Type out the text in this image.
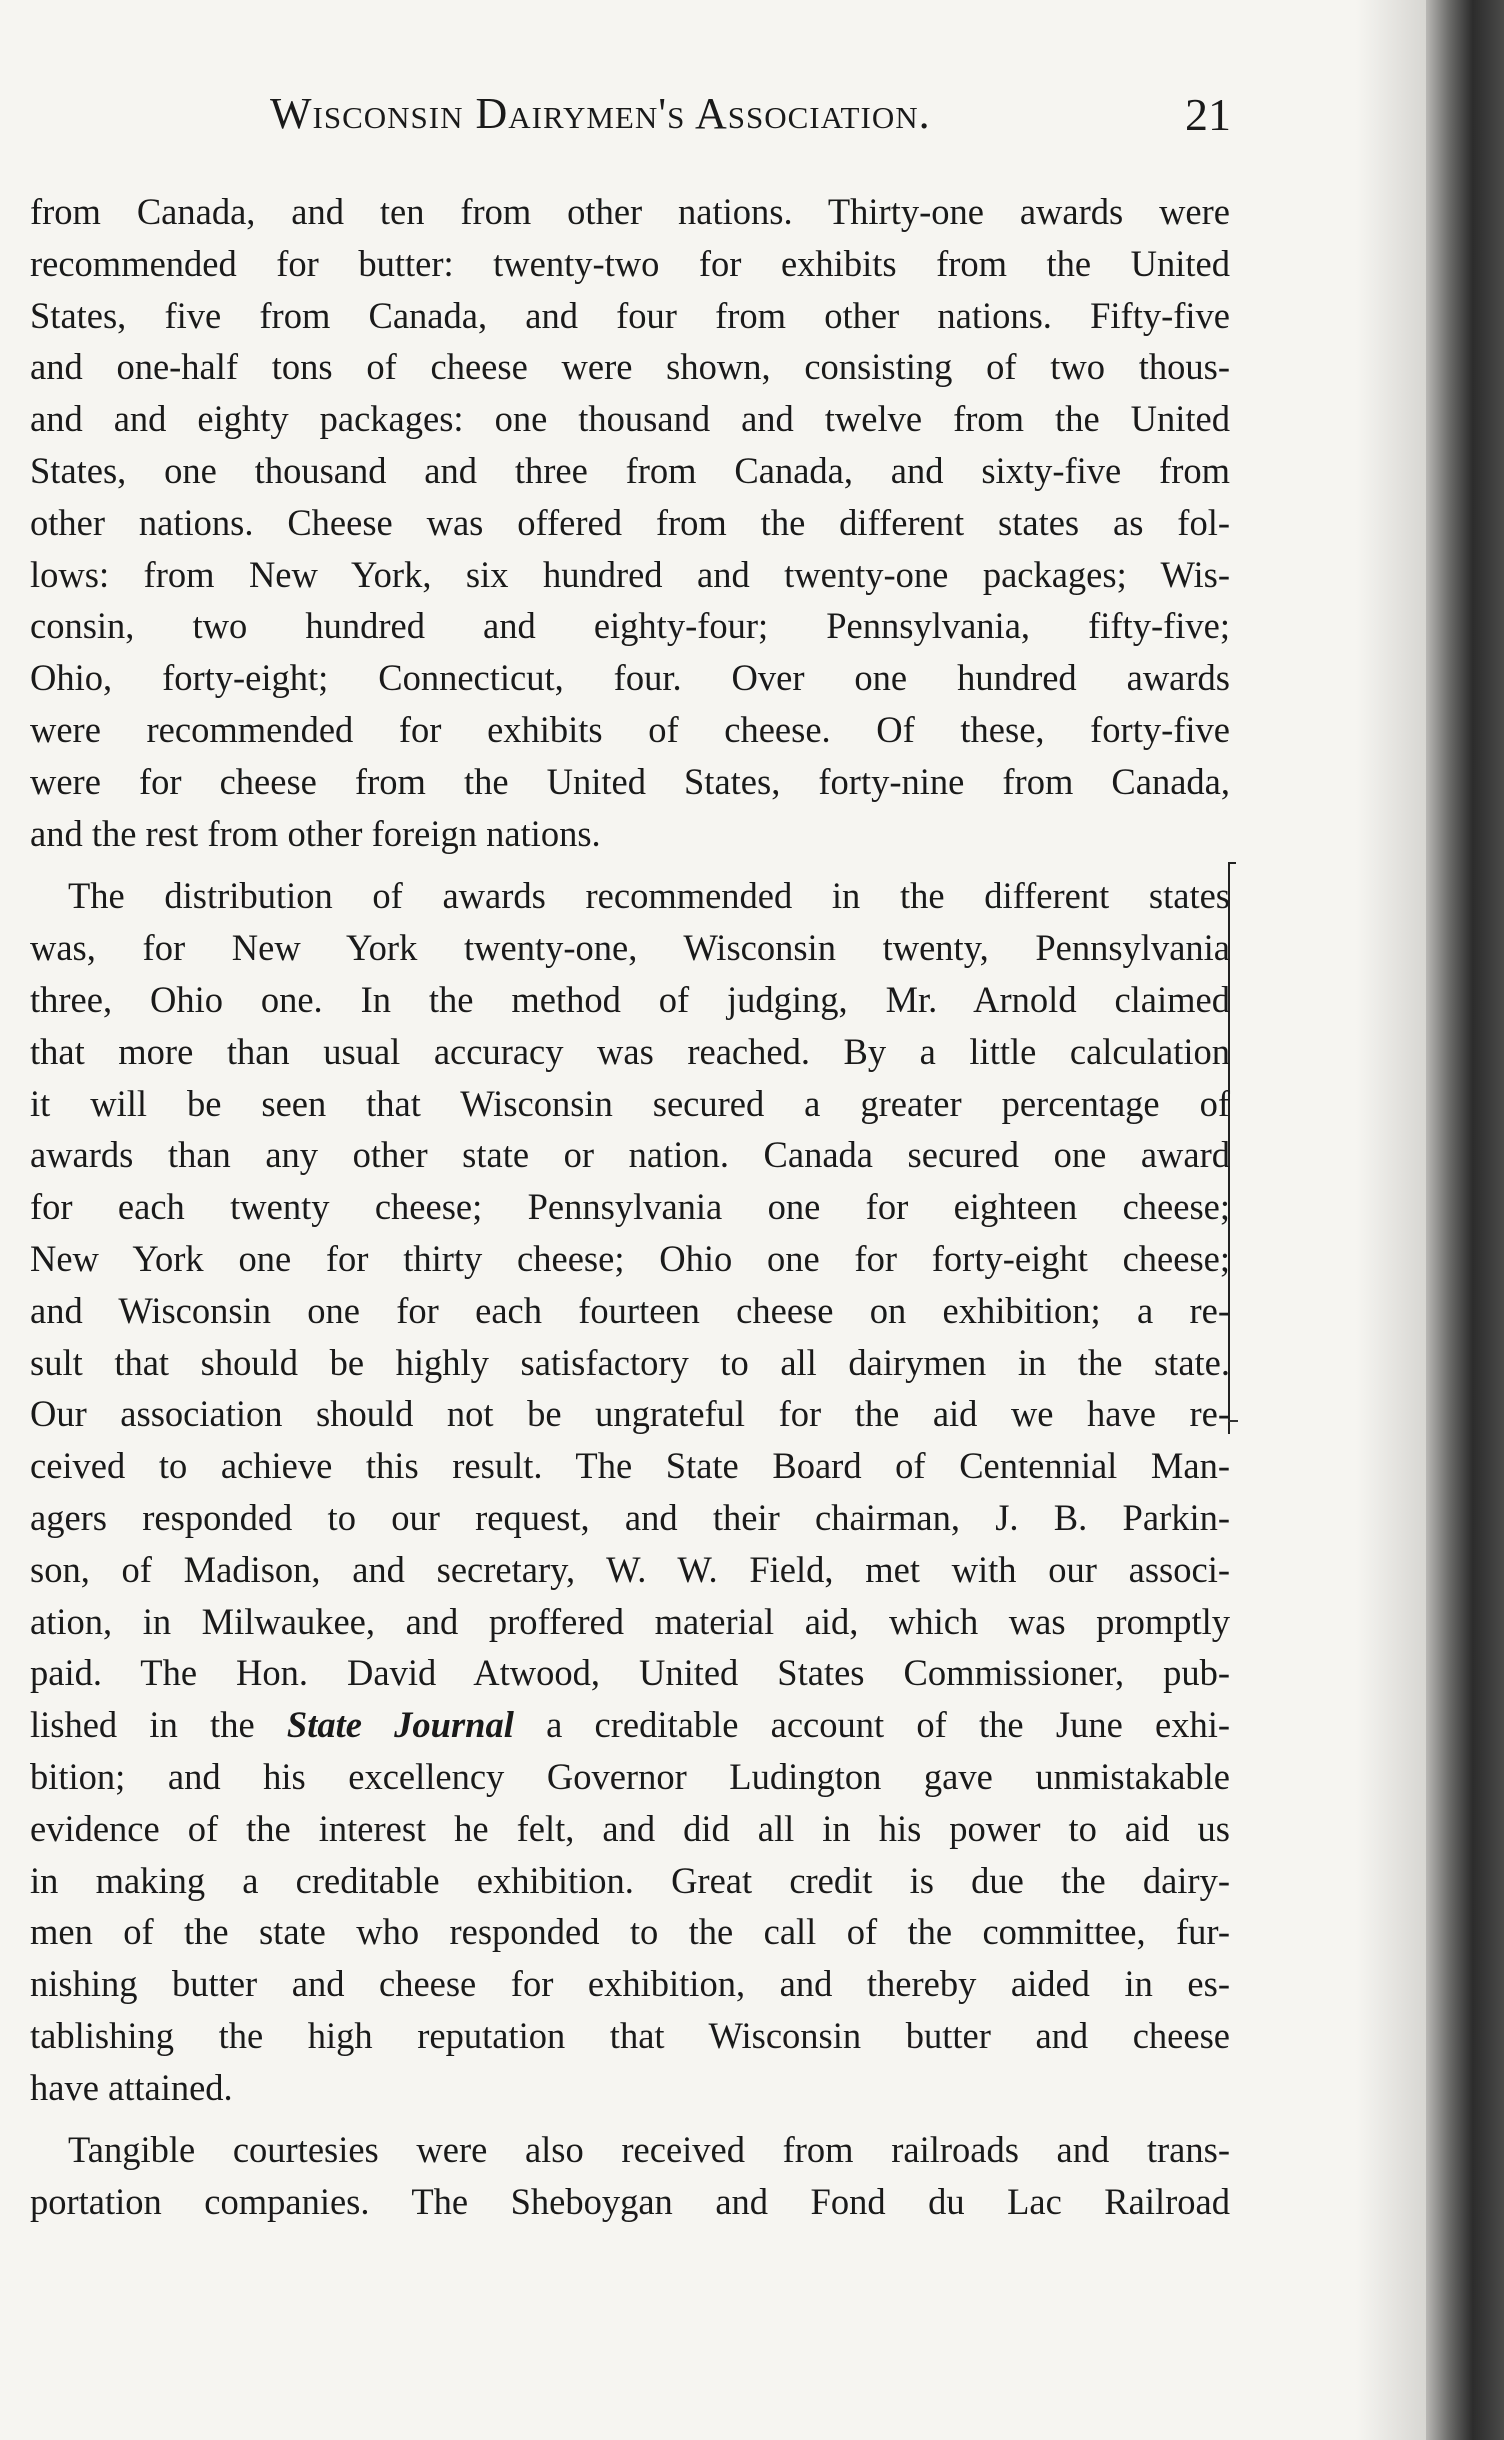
Wisconsin Dairymen's Association.	21
from Canada, and ten from other nations. Thirty-one awards were
recommended for butter: twenty-two for exhibits from the United
States, five from Canada, and four from other nations. Fifty-five
and one-half tons of cheese were shown, consisting of two thous-
and and eighty packages: one thousand and twelve from the United
States, one thousand and three from Canada, and sixty-five from
other nations. Cheese was offered from the different states as fol-
lows: from New York, six hundred and twenty-one packages; Wis-
consin, two hundred and eighty-four; Pennsylvania, fifty-five;
Ohio, forty-eight; Connecticut, four. Over one hundred awards
were recommended for exhibits of cheese. Of these, forty-five
were for cheese from the United States, forty-nine from Canada,
and the rest from other foreign nations.
The distribution of awards recommended in the different states
was, for New York twenty-one, Wisconsin twenty, Pennsylvania
three, Ohio one. In the method of judging, Mr. Arnold claimed
that more than usual accuracy was reached. By a little calculation
it will be seen that Wisconsin secured a greater percentage of
awards than any other state or nation. Canada secured one award
for each twenty cheese; Pennsylvania one for eighteen cheese;
New York one for thirty cheese; Ohio one for forty-eight cheese;
and Wisconsin one for each fourteen cheese on exhibition; a re-
sult that should be highly satisfactory to all dairymen in the state.
Our association should not be ungrateful for the aid we have re-
ceived to achieve this result. The State Board of Centennial Man-
agers responded to our request, and their chairman, J. B. Parkin-
son, of Madison, and secretary, W. W. Field, met with our associ-
ation, in Milwaukee, and proffered material aid, which was promptly
paid. The Hon. David Atwood, United States Commissioner, pub-
lished in the State Journal a creditable account of the June exhi-
bition; and his excellency Governor Ludington gave unmistakable
evidence of the interest he felt, and did all in his power to aid us
in making a creditable exhibition. Great credit is due the dairy-
men of the state who responded to the call of the committee, fur-
nishing butter and cheese for exhibition, and thereby aided in es-
tablishing the high reputation that Wisconsin butter and cheese
have attained.
Tangible courtesies were also received from railroads and trans-
portation companies. The Sheboygan and Fond du Lac Railroad
